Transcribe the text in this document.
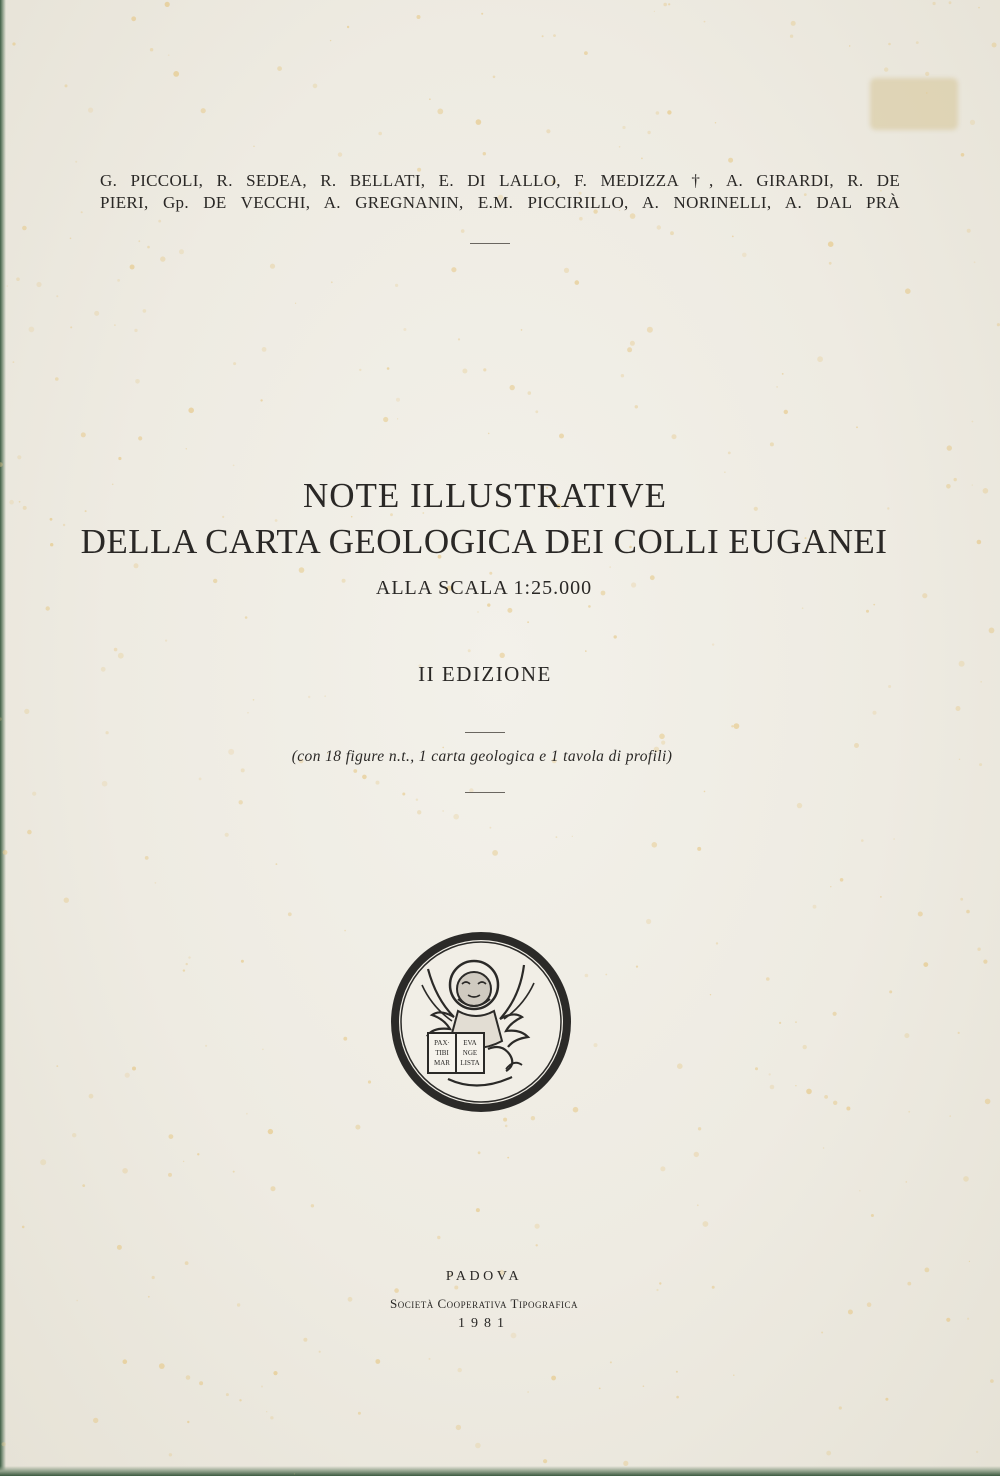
G. PICCOLI, R. SEDEA, R. BELLATI, E. DI LALLO, F. MEDIZZA †, A. GIRARDI, R. DE
PIERI, Gp. DE VECCHI, A. GREGNANIN, E.M. PICCIRILLO, A. NORINELLI, A. DAL PRÀ
NOTE ILLUSTRATIVE
DELLA CARTA GEOLOGICA DEI COLLI EUGANEI
ALLA SCALA 1:25.000
II EDIZIONE
(con 18 figure n.t., 1 carta geologica e 1 tavola di profili)
PAX·
TIBI
MAR
EVA
NGE
LISTA
PADOVA
Società Cooperativa Tipografica
1981
